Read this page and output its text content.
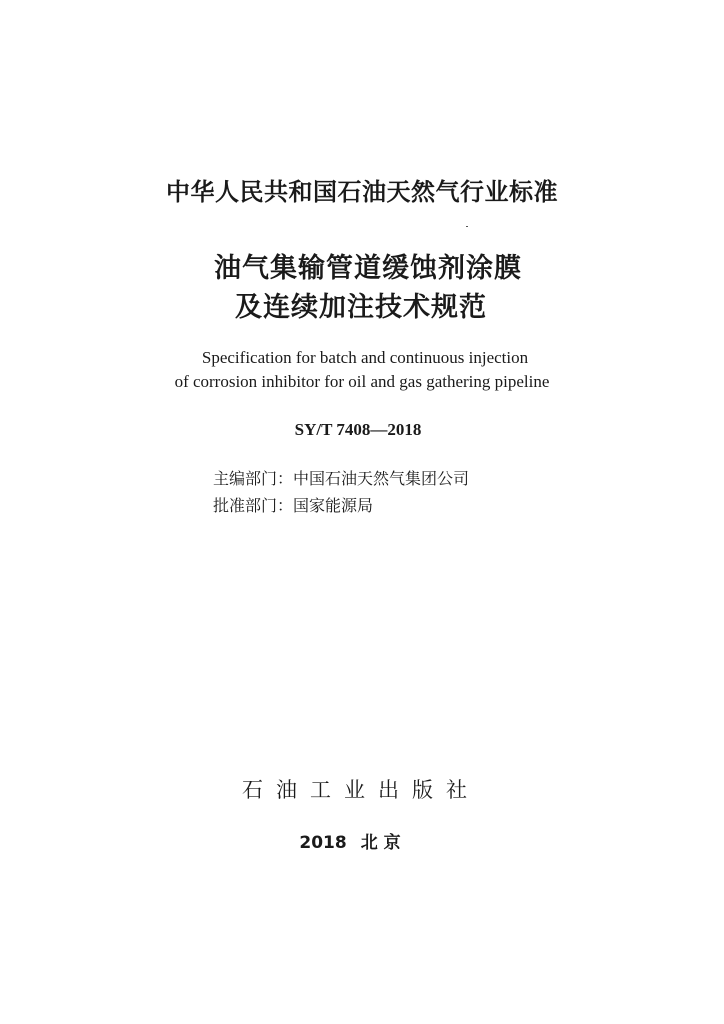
中华人民共和国石油天然气行业标准
油气集输管道缓蚀剂涂膜
及连续加注技术规范
Specification for batch and continuous injection
of corrosion inhibitor for oil and gas gathering pipeline
SY/T 7408—2018
主编部门：中国石油天然气集团公司
批准部门：国家能源局
石油工业出版社
2018 北 京
